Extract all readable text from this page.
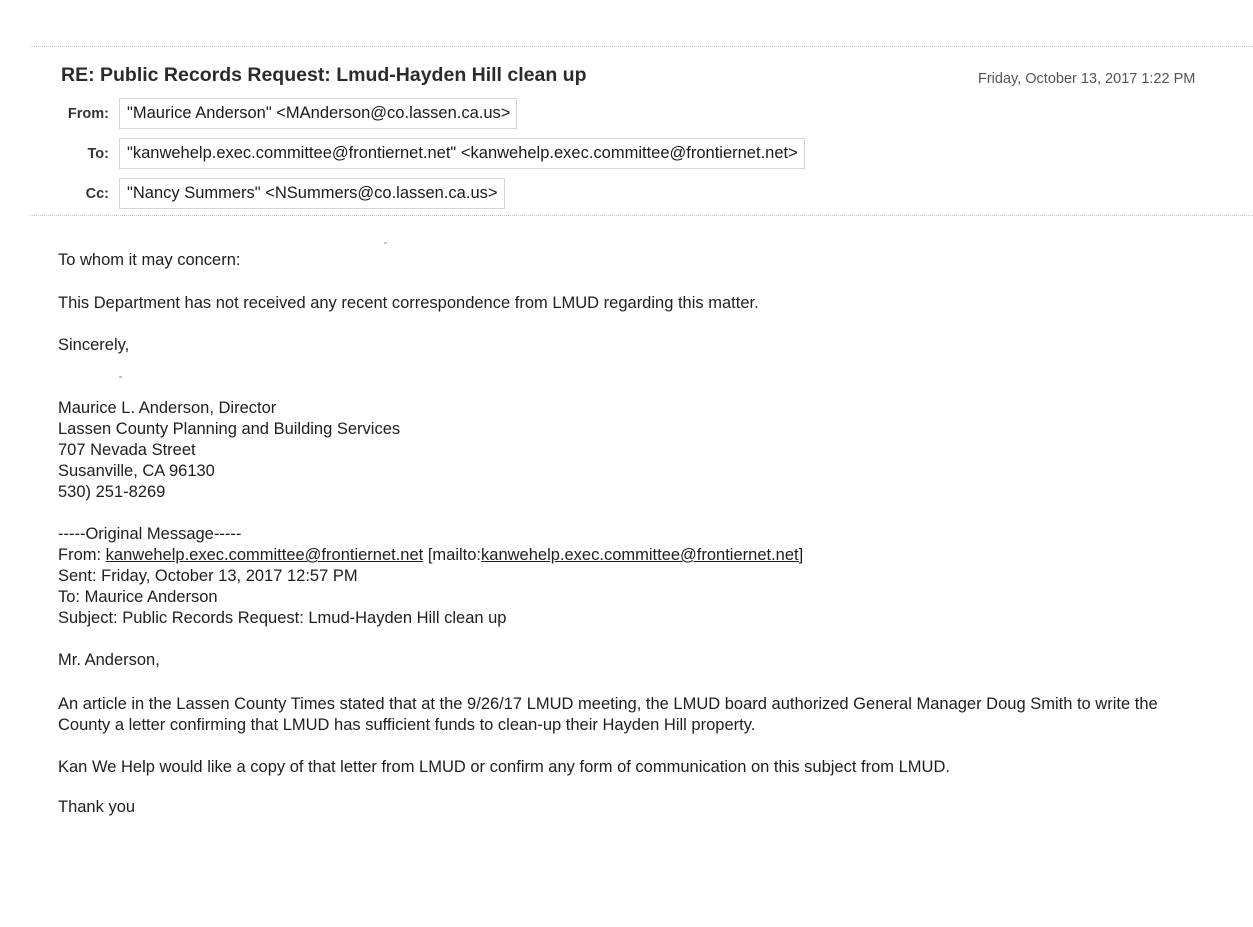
RE: Public Records Request: Lmud-Hayden Hill clean up	Friday, October 13, 2017 1:22 PM
From:	"Maurice Anderson" <MAnderson@co.lassen.ca.us>
To:	"kanwehelp.exec.committee@frontiernet.net" <kanwehelp.exec.committee@frontiernet.net>
Cc:	"Nancy Summers" <NSummers@co.lassen.ca.us>
To whom it may concern:
This Department has not received any recent correspondence from LMUD regarding this matter.
Sincerely,
Maurice L. Anderson, Director
Lassen County Planning and Building Services
707 Nevada Street
Susanville, CA 96130
530) 251-8269
-----Original Message-----
From: kanwehelp.exec.committee@frontiernet.net [mailto:kanwehelp.exec.committee@frontiernet.net]
Sent: Friday, October 13, 2017 12:57 PM
To: Maurice Anderson
Subject: Public Records Request: Lmud-Hayden Hill clean up
Mr. Anderson,
An article in the Lassen County Times stated that at the 9/26/17 LMUD meeting, the LMUD board authorized General Manager Doug Smith to write the
County a letter confirming that LMUD has sufficient funds to clean-up their Hayden Hill property.
Kan We Help would like a copy of that letter from LMUD or confirm any form of communication on this subject from LMUD.
Thank you
